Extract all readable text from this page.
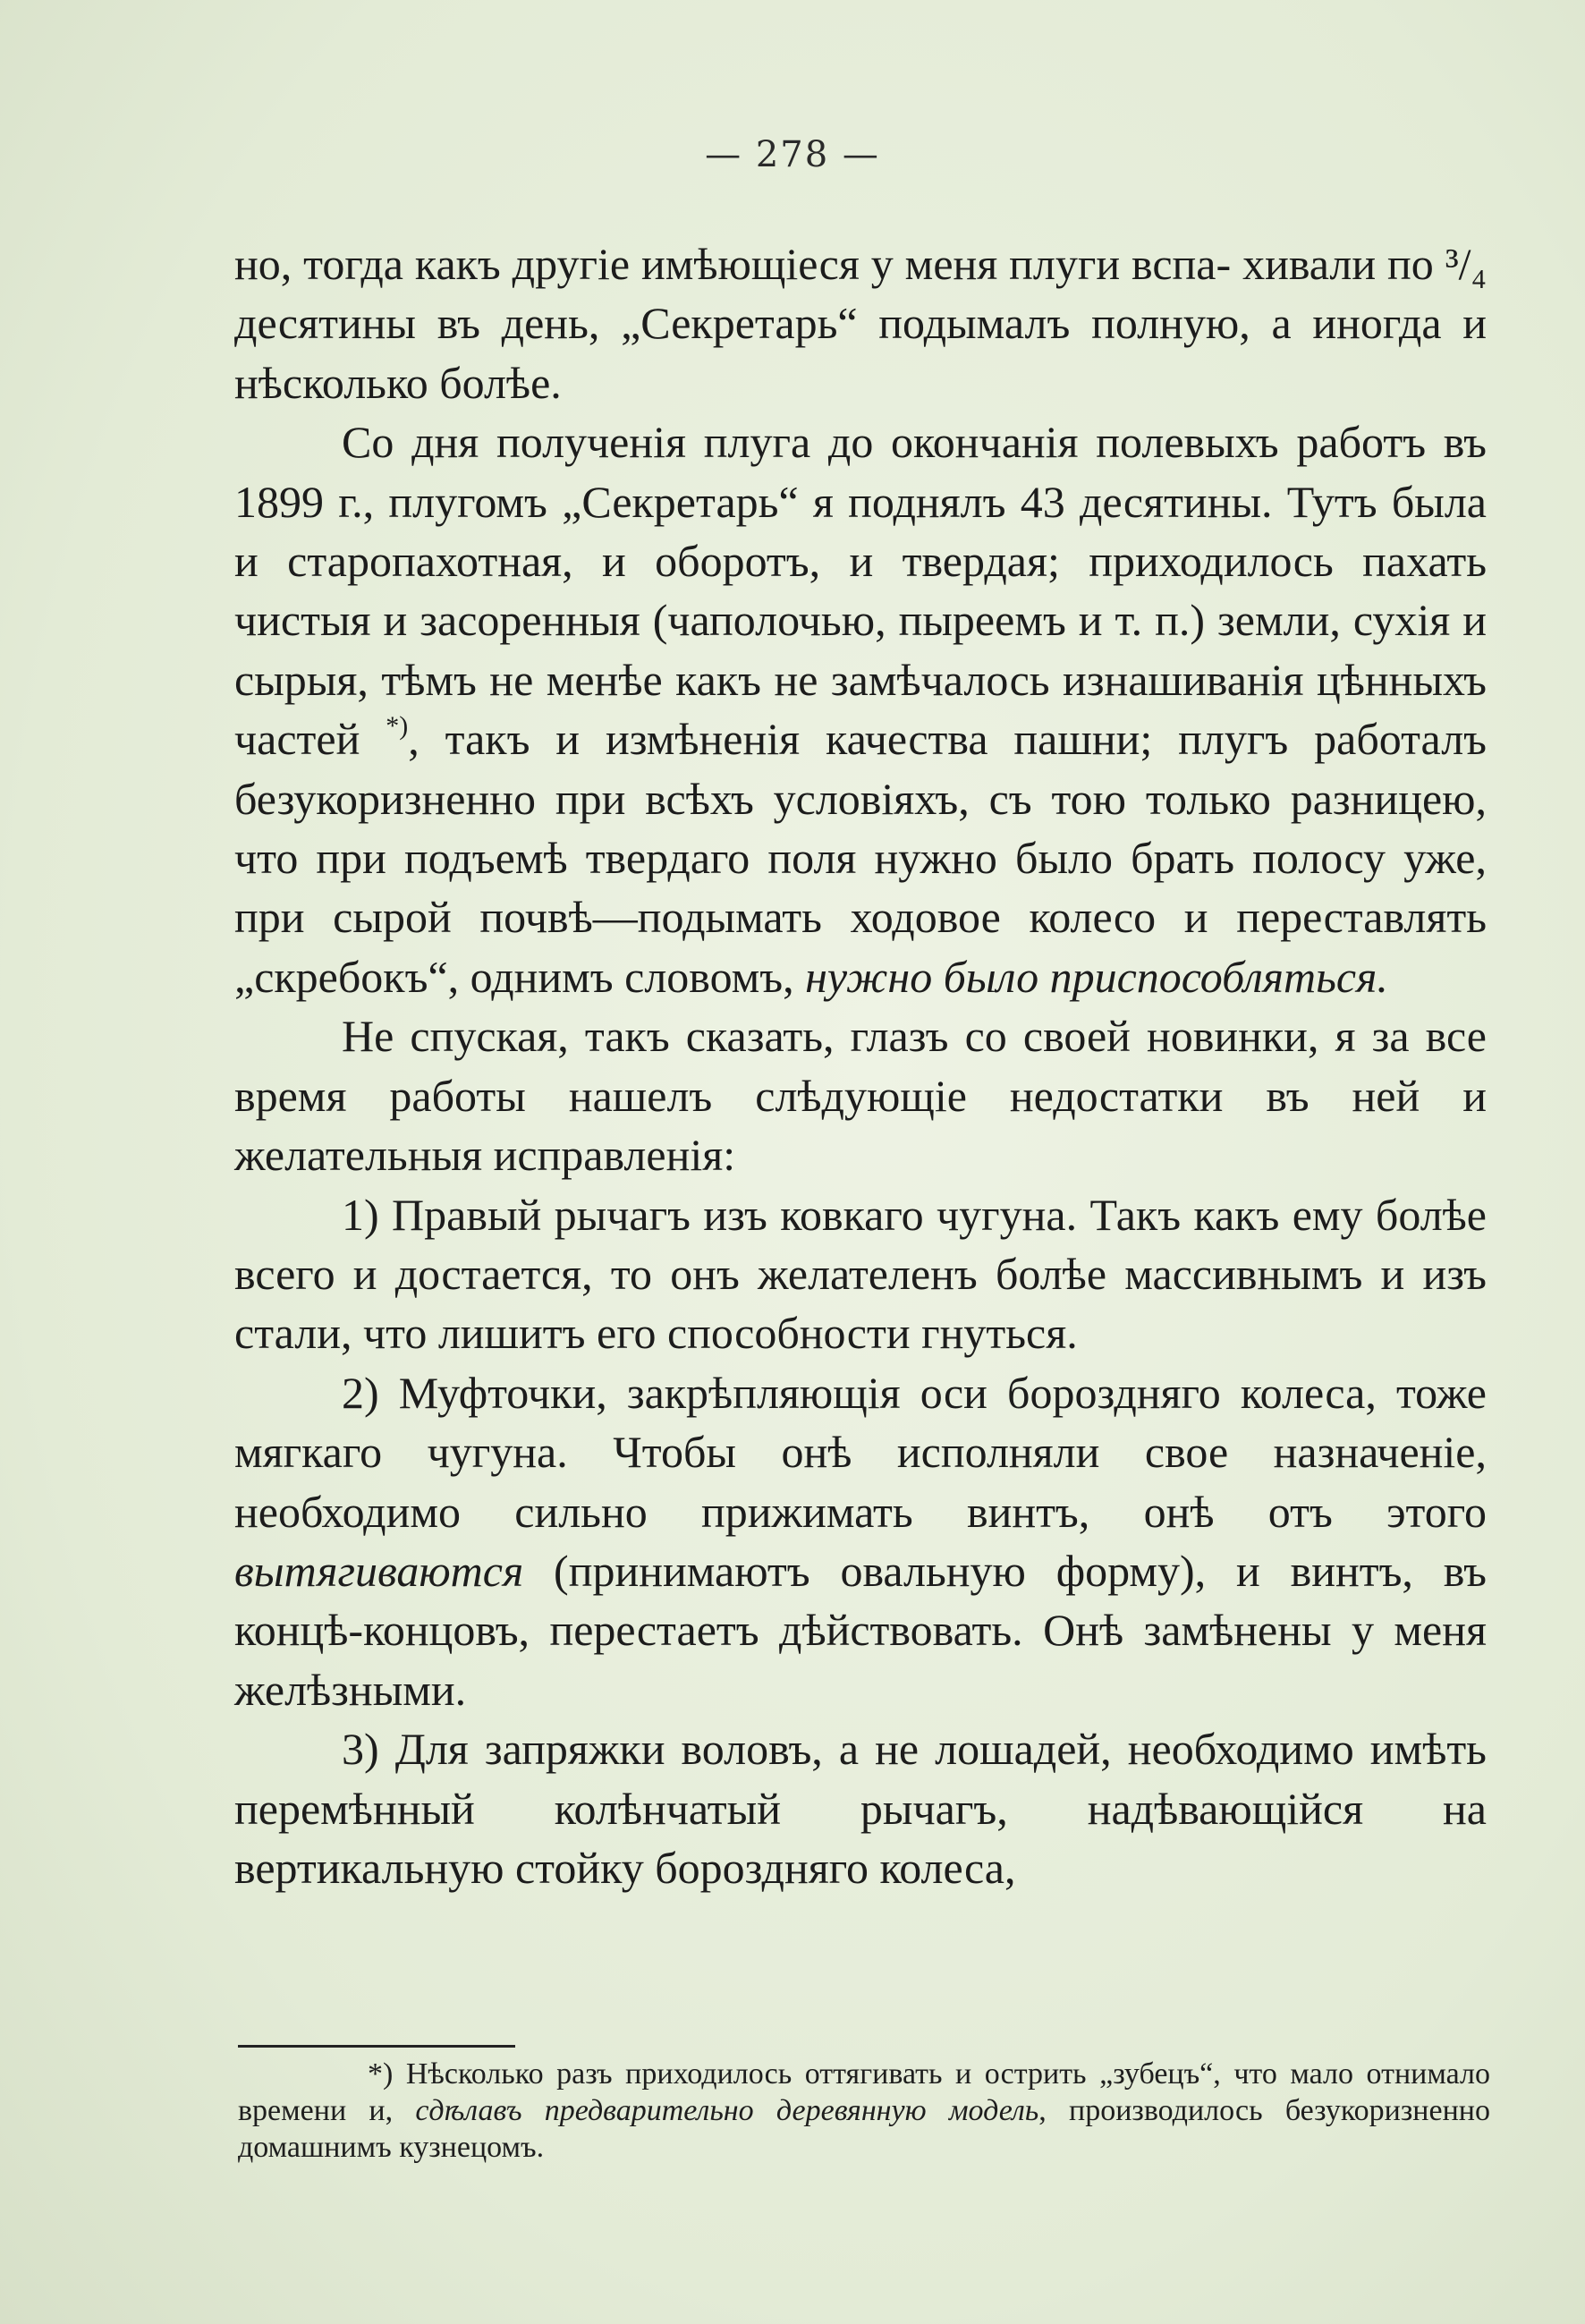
— 278 —

но, тогда какъ другіе имѣющіеся у меня плуги вспа- хивали по ³/₄ десятины въ день, „Секретарь“ подымалъ полную, а иногда и нѣсколько болѣе.

Со дня полученія плуга до окончанія полевыхъ работъ въ 1899 г., плугомъ „Секретарь“ я поднялъ 43 десятины. Тутъ была и старопахотная, и оборотъ, и твердая; приходилось пахать чистыя и засоренныя (чаполочью, пыреемъ и т. п.) земли, сухія и сырыя, тѣмъ не менѣе какъ не замѣчалось изнашиванія цѣнныхъ частей *), такъ и измѣненія качества пашни; плугъ работалъ безукоризненно при всѣхъ условіяхъ, съ тою только разницею, что при подъемѣ твердаго поля нужно было брать полосу уже, при сырой почвѣ—подымать ходовое колесо и переставлять „скребокъ“, однимъ словомъ, нужно было приспособляться.

Не спуская, такъ сказать, глазъ со своей новинки, я за все время работы нашелъ слѣдующіе недостатки въ ней и желательныя исправленія:

1) Правый рычагъ изъ ковкаго чугуна. Такъ какъ ему болѣе всего и достается, то онъ желателенъ болѣе массивнымъ и изъ стали, что лишитъ его способности гнуться.

2) Муфточки, закрѣпляющія оси бороздняго колеса, тоже мягкаго чугуна. Чтобы онѣ исполняли свое назначеніе, необходимо сильно прижимать винтъ, онѣ отъ этого вытягиваются (принимаютъ овальную форму), и винтъ, въ концѣ-концовъ, перестаетъ дѣйствовать. Онѣ замѣнены у меня желѣзными.

3) Для запряжки воловъ, а не лошадей, необходимо имѣть перемѣнный колѣнчатый рычагъ, надѣвающійся на вертикальную стойку бороздняго колеса,

*) Нѣсколько разъ приходилось оттягивать и острить „зубецъ“, что мало отнимало времени и, сдѣлавъ предварительно деревянную модель, производилось безукоризненно домашнимъ кузнецомъ.
